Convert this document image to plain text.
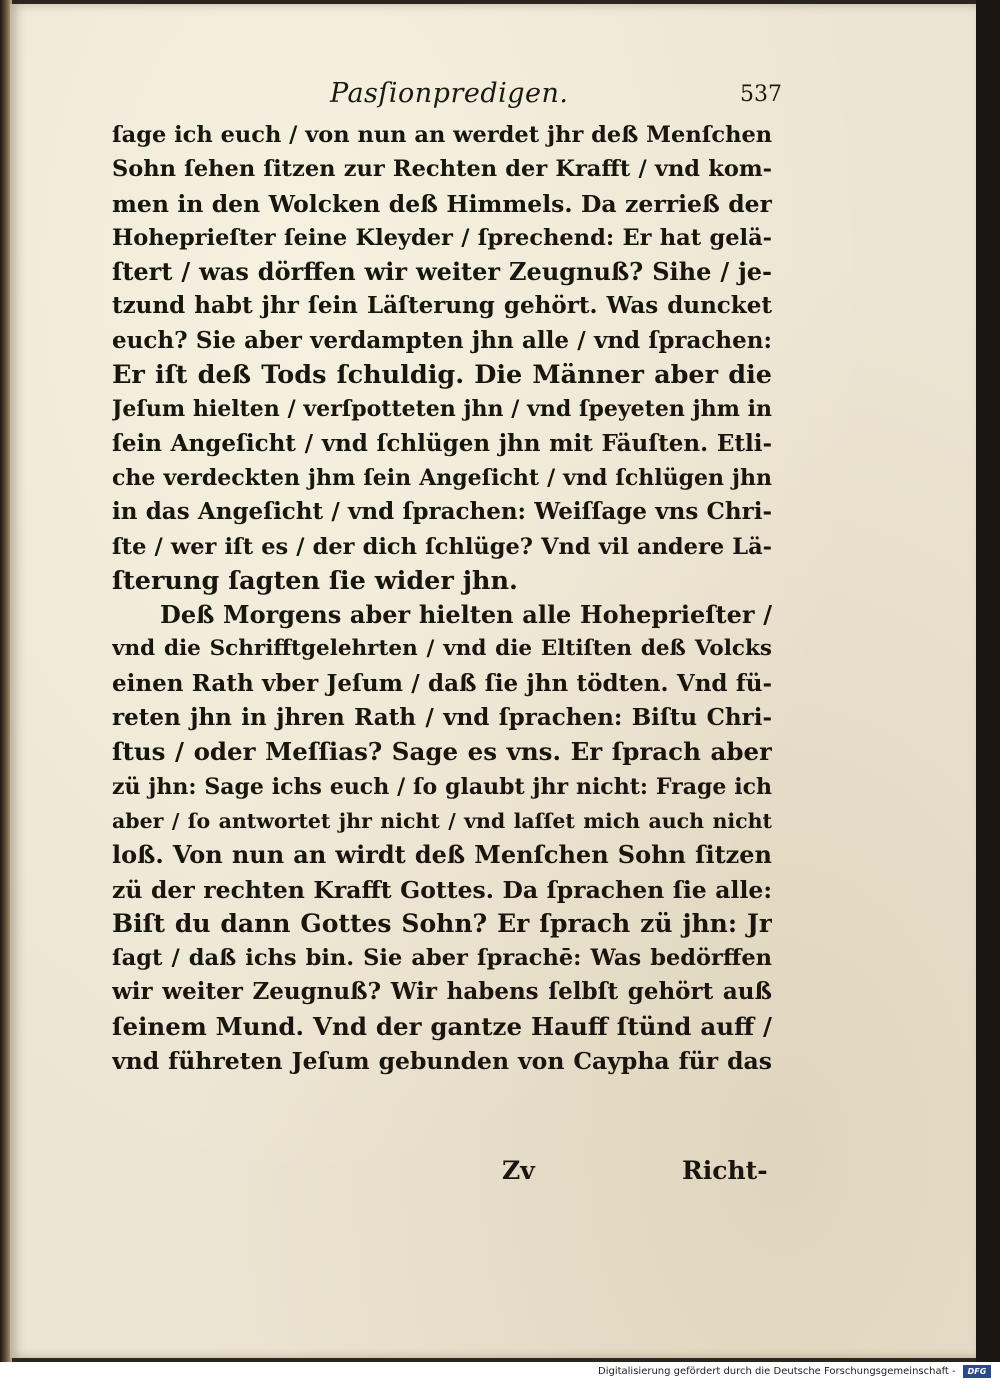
Pasſionpredigen.	537
ſage ich euch / von nun an werdet jhr deß Menſchen
Sohn ſehen ſitzen zur Rechten der Krafft / vnd kom-
men in den Wolcken deß Himmels. Da zerrieß der
Hoheprieſter ſeine Kleyder / ſprechend: Er hat gelä-
ſtert / was dörffen wir weiter Zeugnuß? Sihe / je-
tzund habt jhr ſein Läſterung gehört. Was duncket
euch? Sie aber verdampten jhn alle / vnd ſprachen:
Er iſt deß Tods ſchuldig. Die Männer aber die
Jeſum hielten / verſpotteten jhn / vnd ſpeyeten jhm in
ſein Angeſicht / vnd ſchlügen jhn mit Fäuſten. Etli-
che verdeckten jhm ſein Angeſicht / vnd ſchlügen jhn
in das Angeſicht / vnd ſprachen: Weiſſage vns Chri-
ſte / wer iſt es / der dich ſchlüge? Vnd vil andere Lä-
ſterung ſagten ſie wider jhn.
Deß Morgens aber hielten alle Hoheprieſter /
vnd die Schrifftgelehrten / vnd die Eltiſten deß Volcks
einen Rath vber Jeſum / daß ſie jhn tödten. Vnd fü-
reten jhn in jhren Rath / vnd ſprachen: Biſtu Chri-
ſtus / oder Meſſias? Sage es vns. Er ſprach aber
zü jhn: Sage ichs euch / ſo glaubt jhr nicht: Frage ich
aber / ſo antwortet jhr nicht / vnd laſſet mich auch nicht
loß. Von nun an wirdt deß Menſchen Sohn ſitzen
zü der rechten Krafft Gottes. Da ſprachen ſie alle:
Biſt du dann Gottes Sohn? Er ſprach zü jhn: Jr
ſagt / daß ichs bin. Sie aber ſprachē: Was bedörffen
wir weiter Zeugnuß? Wir habens ſelbſt gehört auß
ſeinem Mund. Vnd der gantze Hauff ſtünd auff /
vnd führeten Jeſum gebunden von Caypha für das
Zv	Richt-
Digitalisierung gefördert durch die Deutsche Forschungsgemeinschaft -	DFG
